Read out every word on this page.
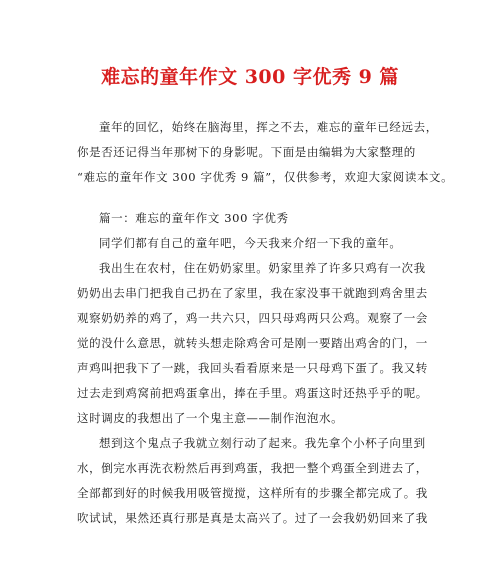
难忘的童年作文 300 字优秀 9 篇

童年的回忆，始终在脑海里，挥之不去，难忘的童年已经远去，
你是否还记得当年那树下的身影呢。下面是由编辑为大家整理的
“难忘的童年作文 300 字优秀 9 篇”，仅供参考，欢迎大家阅读本文。

篇一：难忘的童年作文 300 字优秀

同学们都有自己的童年吧，今天我来介绍一下我的童年。

我出生在农村，住在奶奶家里。奶家里养了许多只鸡有一次我
奶奶出去串门把我自己扔在了家里，我在家没事干就跑到鸡舍里去
观察奶奶养的鸡了，鸡一共六只，四只母鸡两只公鸡。观察了一会
觉的没什么意思，就转头想走除鸡舍可是刚一要踏出鸡舍的门，一
声鸡叫把我下了一跳，我回头看看原来是一只母鸡下蛋了。我又转
过去走到鸡窝前把鸡蛋拿出，捧在手里。鸡蛋这时还热乎乎的呢。
这时调皮的我想出了一个鬼主意——制作泡泡水。

想到这个鬼点子我就立刻行动了起来。我先拿个小杯子向里到
水，倒完水再洗衣粉然后再到鸡蛋，我把一整个鸡蛋全到进去了，
全部都到好的时候我用吸管搅搅，这样所有的步骤全都完成了。我
吹试试，果然还真行那是真是太高兴了。过了一会我奶奶回来了我
